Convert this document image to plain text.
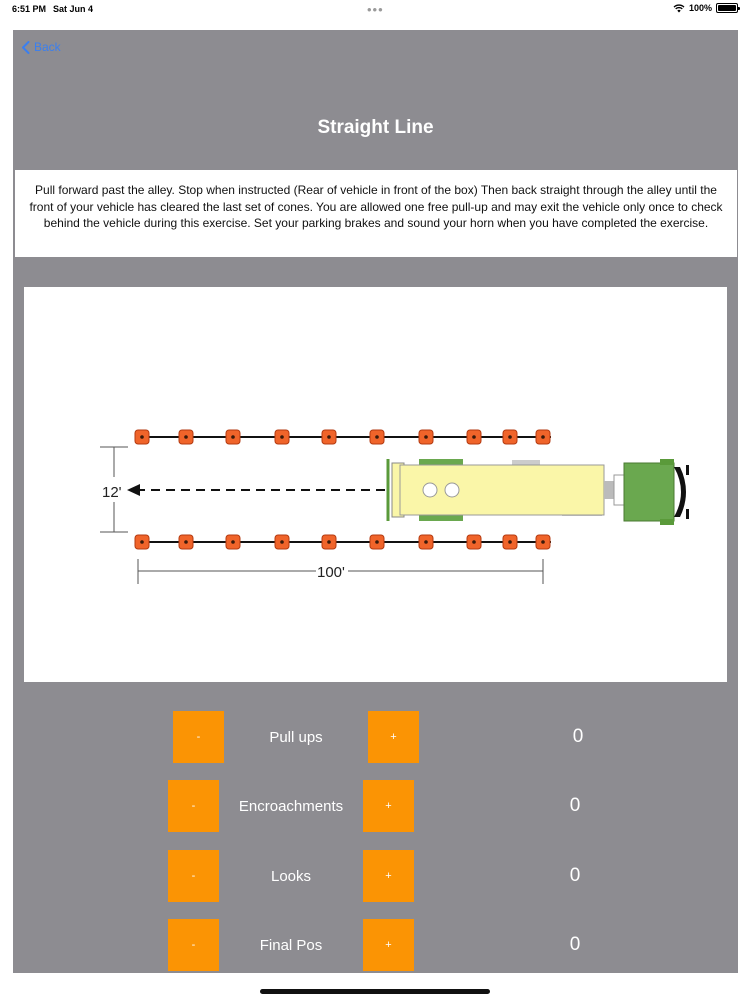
6:51 PM Sat Jun 4	•••	100%
Back
Straight Line
Pull forward past the alley. Stop when instructed (Rear of vehicle in front of the box) Then back straight through the alley until the front of your vehicle has cleared the last set of cones. You are allowed one free pull-up and may exit the vehicle only once to check behind the vehicle during this exercise. Set your parking brakes and sound your horn when you have completed the exercise.
12'
100'
-	Pull ups	+	0
-	Encroachments	+	0
-	Looks	+	0
-	Final Pos	+	0
